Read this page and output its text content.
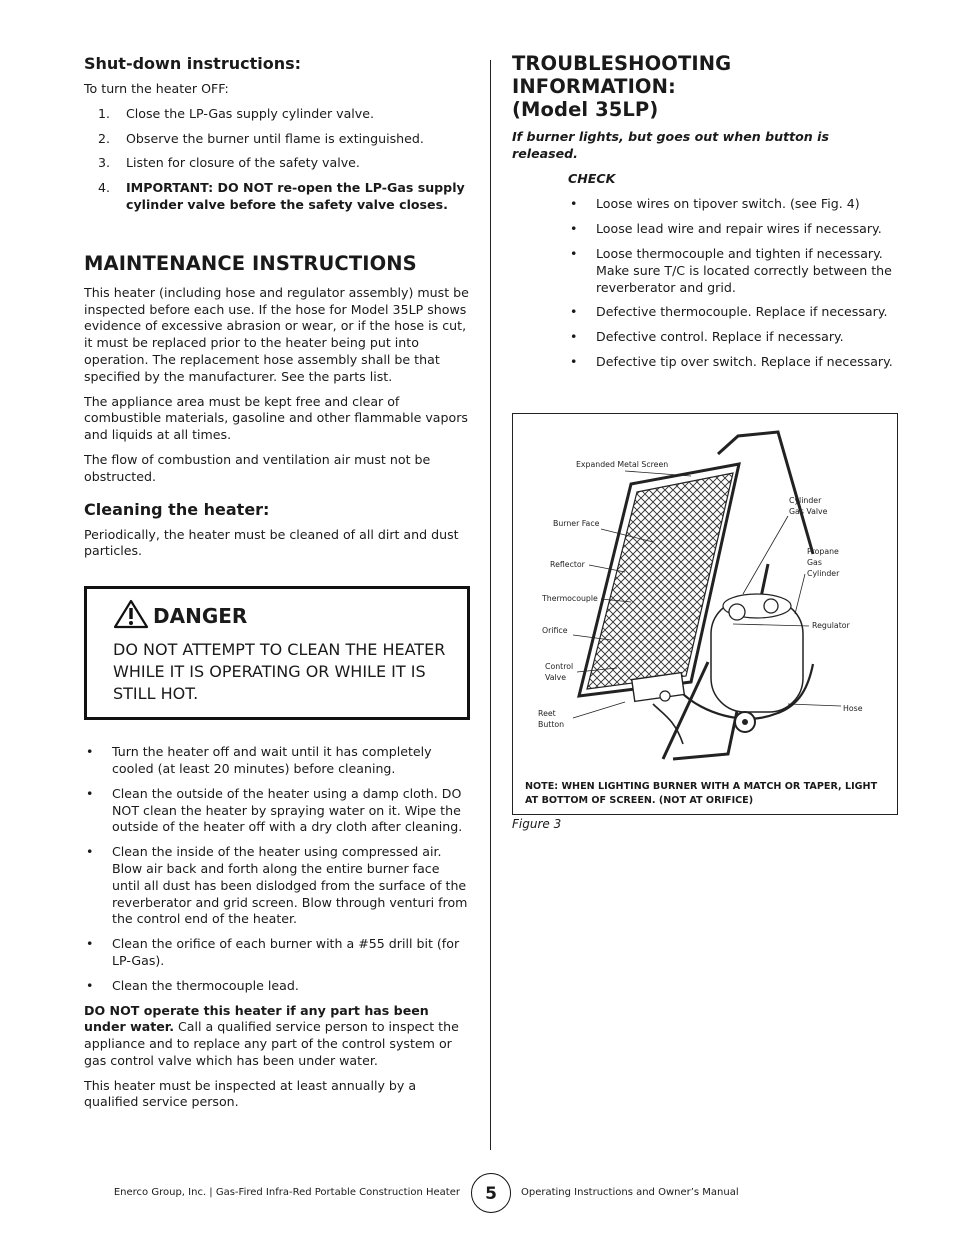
Shut-down instructions:

To turn the heater OFF:

1. Close the LP-Gas supply cylinder valve.
2. Observe the burner until flame is extinguished.
3. Listen for closure of the safety valve.
4. IMPORTANT: DO NOT re-open the LP-Gas supply cylinder valve before the safety valve closes.
MAINTENANCE INSTRUCTIONS

This heater (including hose and regulator assembly) must be inspected before each use. If the hose for Model 35LP shows evidence of excessive abrasion or wear, or if the hose is cut, it must be replaced prior to the heater being put into operation. The replacement hose assembly shall be that specified by the manufacturer. See the parts list.

The appliance area must be kept free and clear of combustible materials, gasoline and other flammable vapors and liquids at all times.

The flow of combustion and ventilation air must not be obstructed.

Cleaning the heater:

Periodically, the heater must be cleaned of all dirt and dust particles.

DANGER
DO NOT ATTEMPT TO CLEAN THE HEATER WHILE IT IS OPERATING OR WHILE IT IS STILL HOT.
• Turn the heater off and wait until it has completely cooled (at least 20 minutes) before cleaning.
• Clean the outside of the heater using a damp cloth. DO NOT clean the heater by spraying water on it. Wipe the outside of the heater off with a dry cloth after cleaning.
• Clean the inside of the heater using compressed air. Blow air back and forth along the entire burner face until all dust has been dislodged from the surface of the reverberator and grid screen. Blow through venturi from the control end of the heater.
• Clean the orifice of each burner with a #55 drill bit (for LP-Gas).
• Clean the thermocouple lead.

DO NOT operate this heater if any part has been under water. Call a qualified service person to inspect the appliance and to replace any part of the control system or gas control valve which has been under water.

This heater must be inspected at least annually by a qualified service person.

TROUBLESHOOTING INFORMATION:
(Model 35LP)

If burner lights, but goes out when button is released.

CHECK

• Loose wires on tipover switch. (see Fig. 4)
• Loose lead wire and repair wires if necessary.
• Loose thermocouple and tighten if necessary. Make sure T/C is located correctly between the reverberator and grid.
• Defective thermocouple. Replace if necessary.
• Defective control. Replace if necessary.
• Defective tip over switch. Replace if necessary.
Expanded Metal Screen
Burner Face
Reflector
Thermocouple
Orifice
Control
Valve
Reet
Button
Cylinder
Gas Valve
Propane
Gas
Cylinder
Regulator
Hose
NOTE: WHEN LIGHTING BURNER WITH A MATCH OR TAPER, LIGHT AT BOTTOM OF SCREEN. (NOT AT ORIFICE)
Figure 3
Enerco Group, Inc. | Gas-Fired Infra-Red Portable Construction Heater	5	Operating Instructions and Owner’s Manual
